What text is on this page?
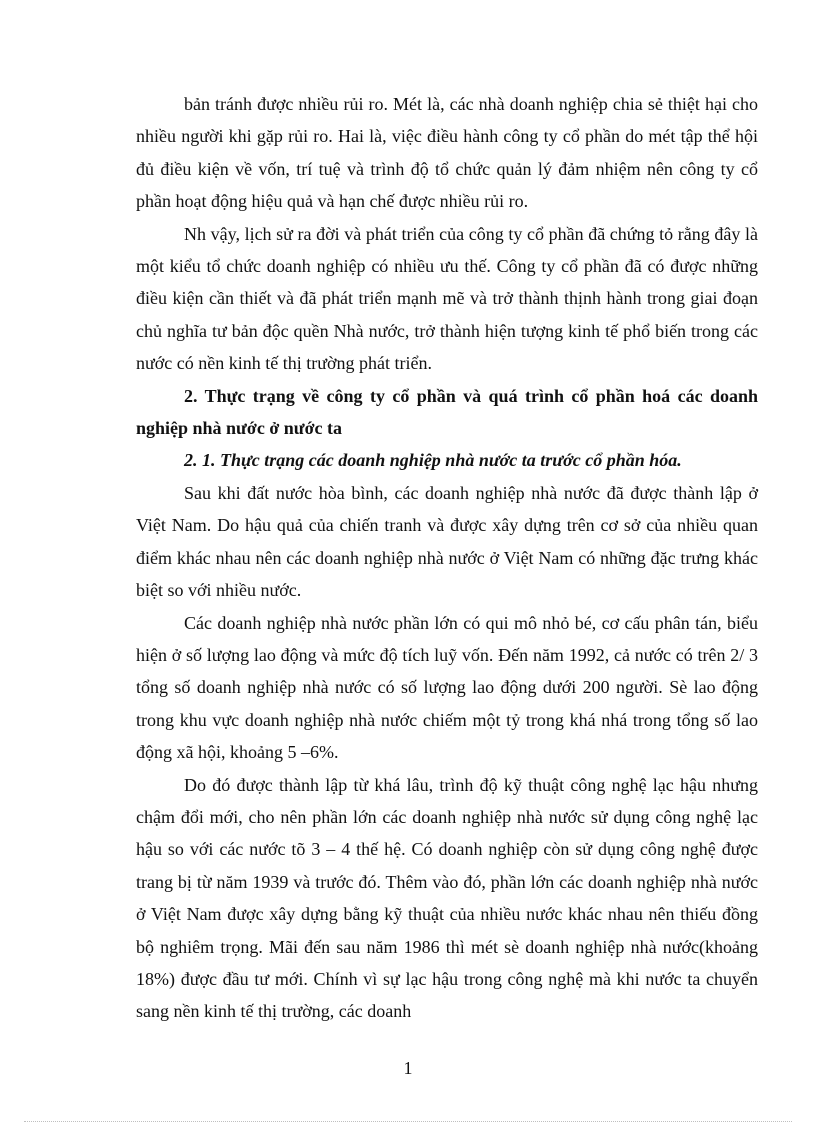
bản tránh được nhiều rủi ro. Mét là, các nhà doanh nghiệp chia sẻ thiệt hại cho nhiều người khi gặp rủi ro. Hai là, việc điều hành công ty cổ phần do mét tập thể hội đủ điều kiện về vốn, trí tuệ và trình độ tổ chức quản lý đảm nhiệm nên công ty cổ phần hoạt động hiệu quả và hạn chế được nhiều rủi ro.

Nh vậy, lịch sử ra đời và phát triển của công ty cổ phần đã chứng tỏ rằng đây là một kiểu tổ chức doanh nghiệp có nhiều ưu thế. Công ty cổ phần đã có được những điều kiện cần thiết và đã phát triển mạnh mẽ và trở thành thịnh hành trong giai đoạn chủ nghĩa tư bản độc quền Nhà nước, trở thành hiện tượng kinh tế phổ biến trong các nước có nền kinh tế thị trường phát triển.

2. Thực trạng về công ty cổ phần và quá trình cổ phần hoá các doanh nghiệp nhà nước ở nước ta

2. 1. Thực trạng các doanh nghiệp nhà nước ta trước cổ phần hóa.

Sau khi đất nước hòa bình, các doanh nghiệp nhà nước đã được thành lập ở Việt Nam. Do hậu quả của chiến tranh và được xây dựng trên cơ sở của nhiều quan điểm khác nhau nên các doanh nghiệp nhà nước ở Việt Nam có những đặc trưng khác biệt so với nhiều nước.

Các doanh nghiệp nhà nước phần lớn có qui mô nhỏ bé, cơ cấu phân tán, biểu hiện ở số lượng lao động và mức độ tích luỹ vốn. Đến năm 1992, cả nước có trên 2/ 3 tổng số doanh nghiệp nhà nước có số lượng lao động dưới 200 người. Sè lao động trong khu vực doanh nghiệp nhà nước chiếm một tỷ trong khá nhá trong tổng số lao động xã hội, khoảng 5 –6%.

Do đó được thành lập từ khá lâu, trình độ kỹ thuật công nghệ lạc hậu nhưng chậm đổi mới, cho nên phần lớn các doanh nghiệp nhà nước sử dụng công nghệ lạc hậu so với các nước tõ 3 – 4 thế hệ. Có doanh nghiệp còn sử dụng công nghệ được trang bị từ năm 1939 và trước đó. Thêm vào đó, phần lớn các doanh nghiệp nhà nước ở Việt Nam được xây dựng bằng kỹ thuật của nhiều nước khác nhau nên thiếu đồng bộ nghiêm trọng. Mãi đến sau năm 1986 thì mét sè doanh nghiệp nhà nước(khoảng 18%) được đầu tư mới. Chính vì sự lạc hậu trong công nghệ mà khi nước ta chuyển sang nền kinh tế thị trường, các doanh

1
